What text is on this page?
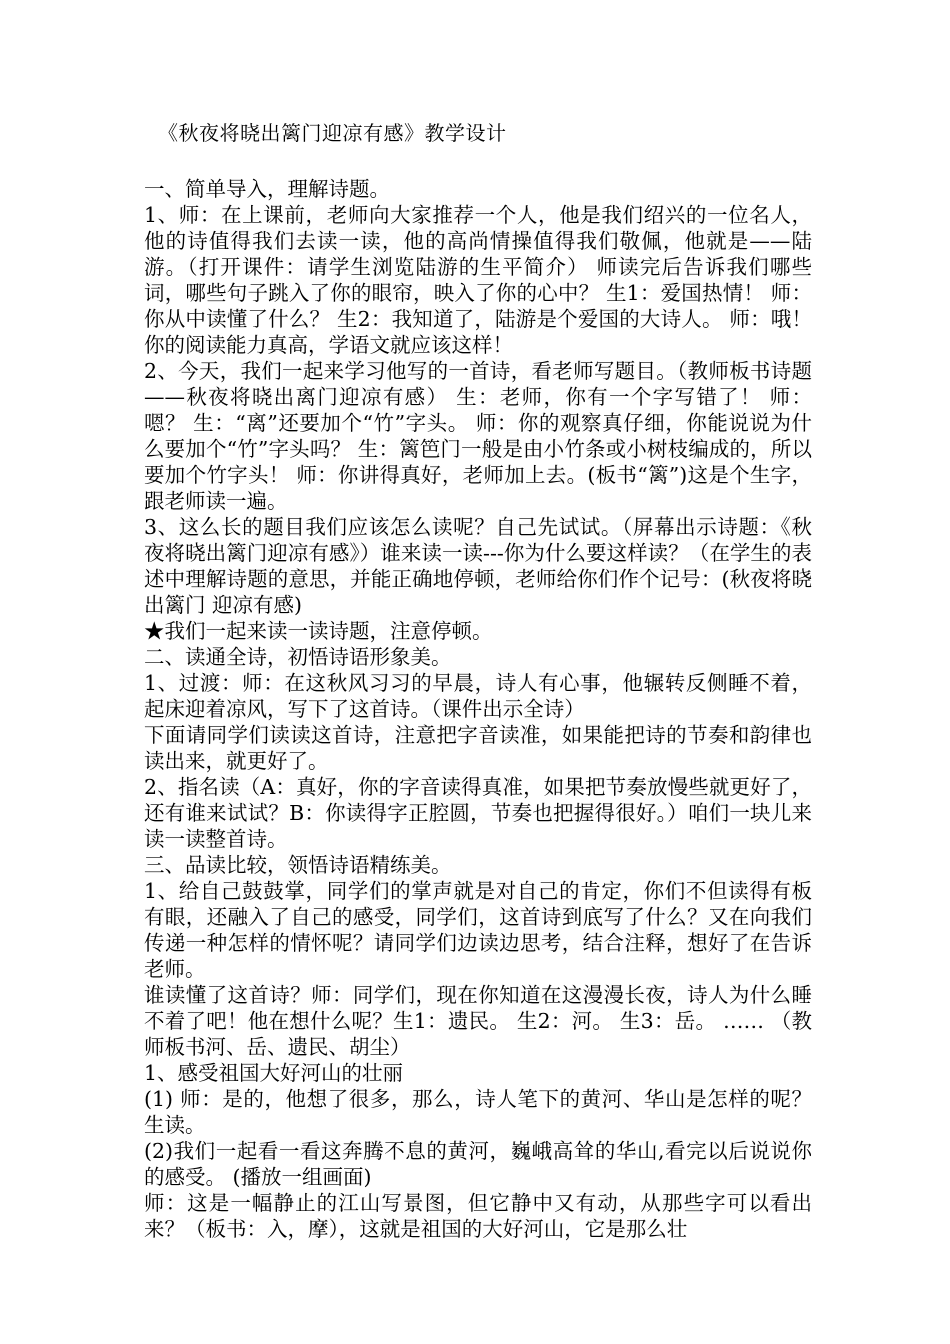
《秋夜将晓出篱门迎凉有感》教学设计

一、简单导入，理解诗题。

1、师：在上课前，老师向大家推荐一个人，他是我们绍兴的一位名人，他的诗值得我们去读一读，他的高尚情操值得我们敬佩，他就是——陆游。（打开课件：请学生浏览陆游的生平简介） 师读完后告诉我们哪些词，哪些句子跳入了你的眼帘，映入了你的心中？ 生1：爱国热情！ 师：你从中读懂了什么？ 生2：我知道了，陆游是个爱国的大诗人。 师：哦！你的阅读能力真高，学语文就应该这样！

2、今天，我们一起来学习他写的一首诗，看老师写题目。（教师板书诗题——秋夜将晓出离门迎凉有感） 生：老师，你有一个字写错了！ 师：嗯？ 生：“离”还要加个“竹”字头。 师：你的观察真仔细，你能说说为什么要加个“竹”字头吗？ 生：篱笆门一般是由小竹条或小树枝编成的，所以要加个竹字头！ 师：你讲得真好，老师加上去。(板书“篱”)这是个生字，跟老师读一遍。

3、这么长的题目我们应该怎么读呢？自己先试试。（屏幕出示诗题：《秋夜将晓出篱门迎凉有感》）谁来读一读---你为什么要这样读？（在学生的表述中理解诗题的意思，并能正确地停顿，老师给你们作个记号：(秋夜将晓 出篱门 迎凉有感)

★我们一起来读一读诗题，注意停顿。

二、读通全诗，初悟诗语形象美。

1、过渡：师：在这秋风习习的早晨，诗人有心事，他辗转反侧睡不着，起床迎着凉风，写下了这首诗。（课件出示全诗）

下面请同学们读读这首诗，注意把字音读准，如果能把诗的节奏和韵律也读出来，就更好了。

2、指名读（A：真好，你的字音读得真准，如果把节奏放慢些就更好了，还有谁来试试？B：你读得字正腔圆，节奏也把握得很好。）咱们一块儿来读一读整首诗。

三、品读比较，领悟诗语精练美。

1、给自己鼓鼓掌，同学们的掌声就是对自己的肯定，你们不但读得有板有眼，还融入了自己的感受，同学们，这首诗到底写了什么？又在向我们传递一种怎样的情怀呢？请同学们边读边思考，结合注释，想好了在告诉老师。

谁读懂了这首诗？师：同学们，现在你知道在这漫漫长夜，诗人为什么睡不着了吧！他在想什么呢？生1：遗民。 生2：河。 生3：岳。 …… （教师板书河、岳、遗民、胡尘）

1、感受祖国大好河山的壮丽

(1) 师：是的，他想了很多，那么，诗人笔下的黄河、华山是怎样的呢？生读。

(2)我们一起看一看这奔腾不息的黄河，巍峨高耸的华山,看完以后说说你的感受。 (播放一组画面)

师：这是一幅静止的江山写景图，但它静中又有动，从那些字可以看出来？（板书：入，摩），这就是祖国的大好河山，它是那么壮
